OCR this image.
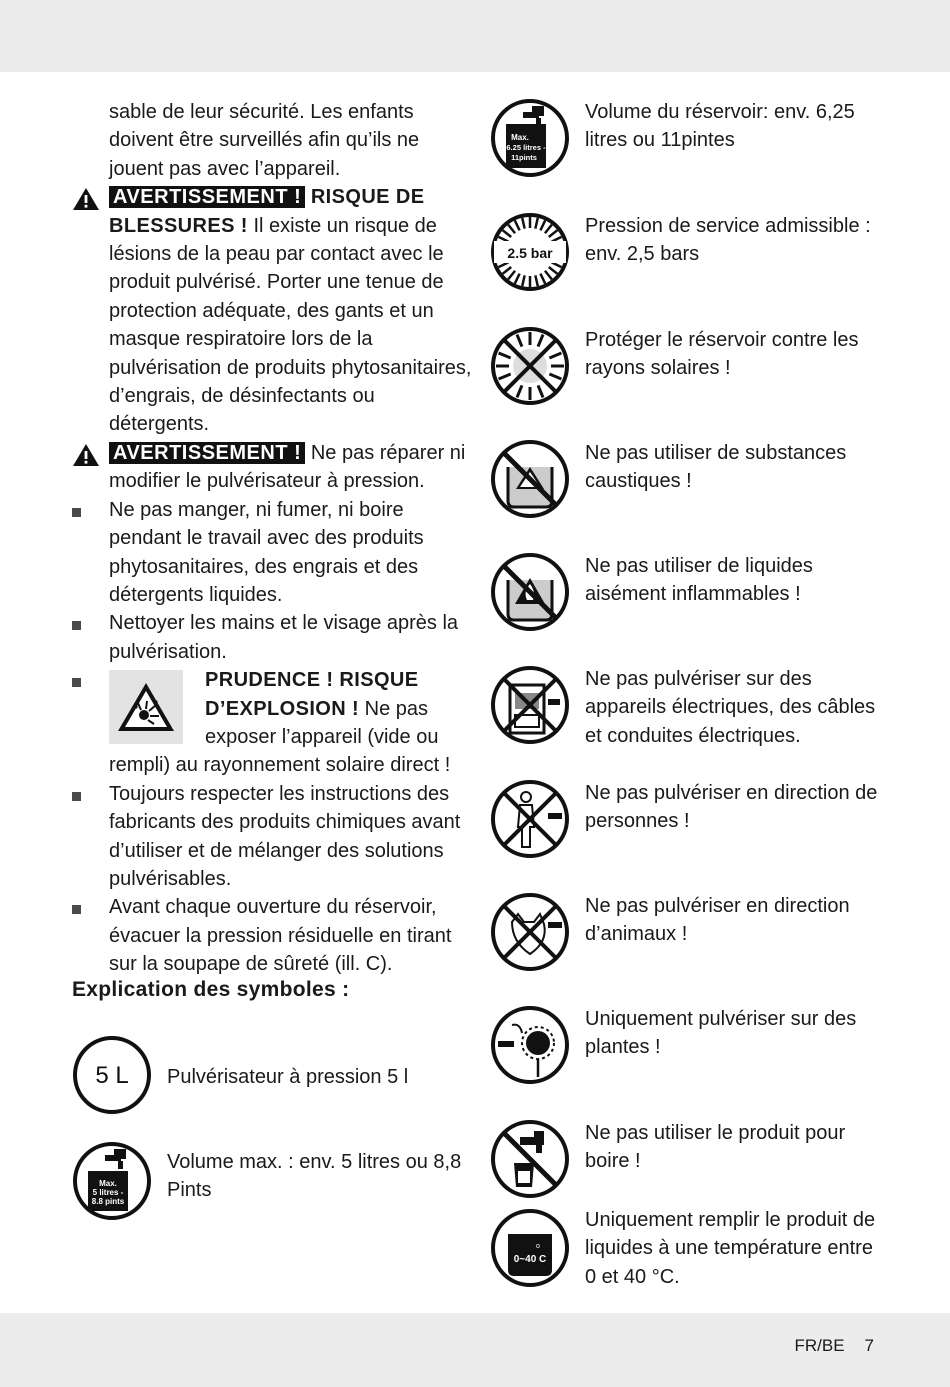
sable de leur sécurité. Les enfants doivent être surveillés afin qu’ils ne jouent pas avec l’appareil.

AVERTISSEMENT ! RISQUE DE BLESSURES ! Il existe un risque de lésions de la peau par contact avec le produit pulvérisé. Porter une tenue de protection adéquate, des gants et un masque respiratoire lors de la pulvérisation de produits phytosanitaires, d’engrais, de désinfectants ou détergents.

AVERTISSEMENT ! Ne pas réparer ni modifier le pulvérisateur à pression.

Ne pas manger, ni fumer, ni boire pendant le travail avec des produits phytosanitaires, des engrais et des détergents liquides.

Nettoyer les mains et le visage après la pulvérisation.

PRUDENCE ! RISQUE D’EXPLOSION ! Ne pas exposer l’appareil (vide ou rempli) au rayonnement solaire direct !

Toujours respecter les instructions des fabricants des produits chimiques avant d’utiliser et de mélanger des solutions pulvérisables.

Avant chaque ouverture du réservoir, évacuer la pression résiduelle en tirant sur la soupape de sûreté (ill. C).

Explication des symboles :
5 L Pulvérisateur à pression 5 l
Max.
5 litres -
8.8 pints
Volume max. : env. 5 litres ou 8,8 Pints
Max.
6.25 litres -
11pints
Volume du réservoir: env. 6,25 litres ou 11pintes
2.5 bar
Pression de service admissible : env. 2,5 bars
Protéger le réservoir contre les rayons solaires !
Ne pas utiliser de substances caustiques !
Ne pas utiliser de liquides aisément inflammables !
Ne pas pulvériser sur des appareils électriques, des câbles et conduites électriques.
Ne pas pulvériser en direction de personnes !
Ne pas pulvériser en direction d’animaux !
Uniquement pulvériser sur des plantes !
Ne pas utiliser le produit pour boire !
o
0~40 C
Uniquement remplir le produit de liquides à une température entre 0 et 40 °C.
FR/BE 7
